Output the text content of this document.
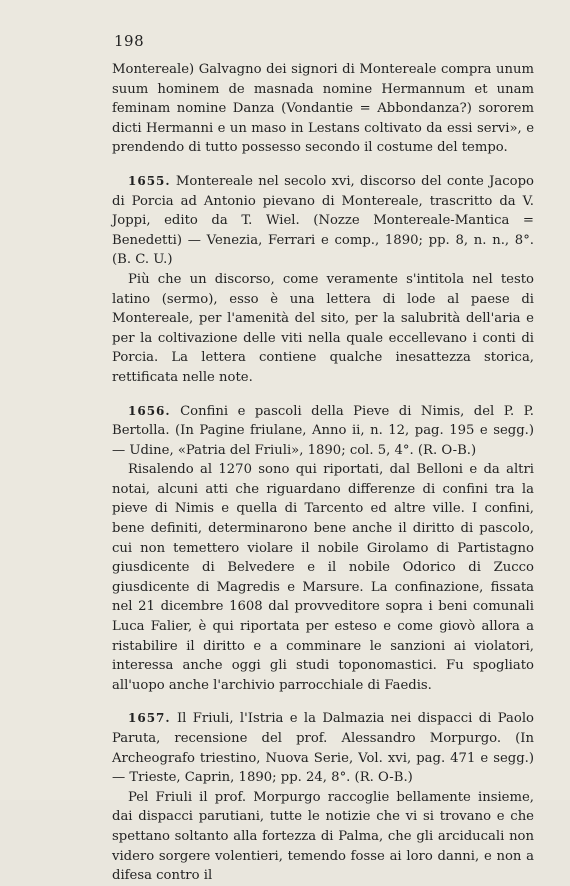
198

Montereale) Galvagno dei signori di Montereale compra unum suum hominem de masnada nomine Hermannum et unam feminam nomine Danza (Vondantie = Abbondanza?) sororem dicti Hermanni e un maso in Lestans coltivato da essi servi», e prendendo di tutto possesso secondo il costume del tempo.

1655. Montereale nel secolo xvi, discorso del conte Jacopo di Porcia ad Antonio pievano di Montereale, trascritto da V. Joppi, edito da T. Wiel. (Nozze Montereale-Mantica = Benedetti) — Venezia, Ferrari e comp., 1890; pp. 8, n. n., 8°. (B. C. U.)

Più che un discorso, come veramente s'intitola nel testo latino (sermo), esso è una lettera di lode al paese di Montereale, per l'amenità del sito, per la salubrità dell'aria e per la coltivazione delle viti nella quale eccellevano i conti di Porcia. La lettera contiene qualche inesattezza storica, rettificata nelle note.

1656. Confini e pascoli della Pieve di Nimis, del P. P. Bertolla. (In Pagine friulane, Anno ii, n. 12, pag. 195 e segg.) — Udine, «Patria del Friuli», 1890; col. 5, 4°. (R. O-B.)

Risalendo al 1270 sono qui riportati, dal Belloni e da altri notai, alcuni atti che riguardano differenze di confini tra la pieve di Nimis e quella di Tarcento ed altre ville. I confini, bene definiti, determinarono bene anche il diritto di pascolo, cui non temettero violare il nobile Girolamo di Partistagno giusdicente di Belvedere e il nobile Odorico di Zucco giusdicente di Magredis e Marsure. La confinazione, fissata nel 21 dicembre 1608 dal provveditore sopra i beni comunali Luca Falier, è qui riportata per esteso e come giovò allora a ristabilire il diritto e a comminare le sanzioni ai violatori, interessa anche oggi gli studi toponomastici. Fu spogliato all'uopo anche l'archivio parrocchiale di Faedis.

1657. Il Friuli, l'Istria e la Dalmazia nei dispacci di Paolo Paruta, recensione del prof. Alessandro Morpurgo. (In Archeografo triestino, Nuova Serie, Vol. xvi, pag. 471 e segg.) — Trieste, Caprin, 1890; pp. 24, 8°. (R. O-B.)

Pel Friuli il prof. Morpurgo raccoglie bellamente insieme, dai dispacci parutiani, tutte le notizie che vi si trovano e che spettano soltanto alla fortezza di Palma, che gli arciducali non videro sorgere volentieri, temendo fosse ai loro danni, e non a difesa contro il
